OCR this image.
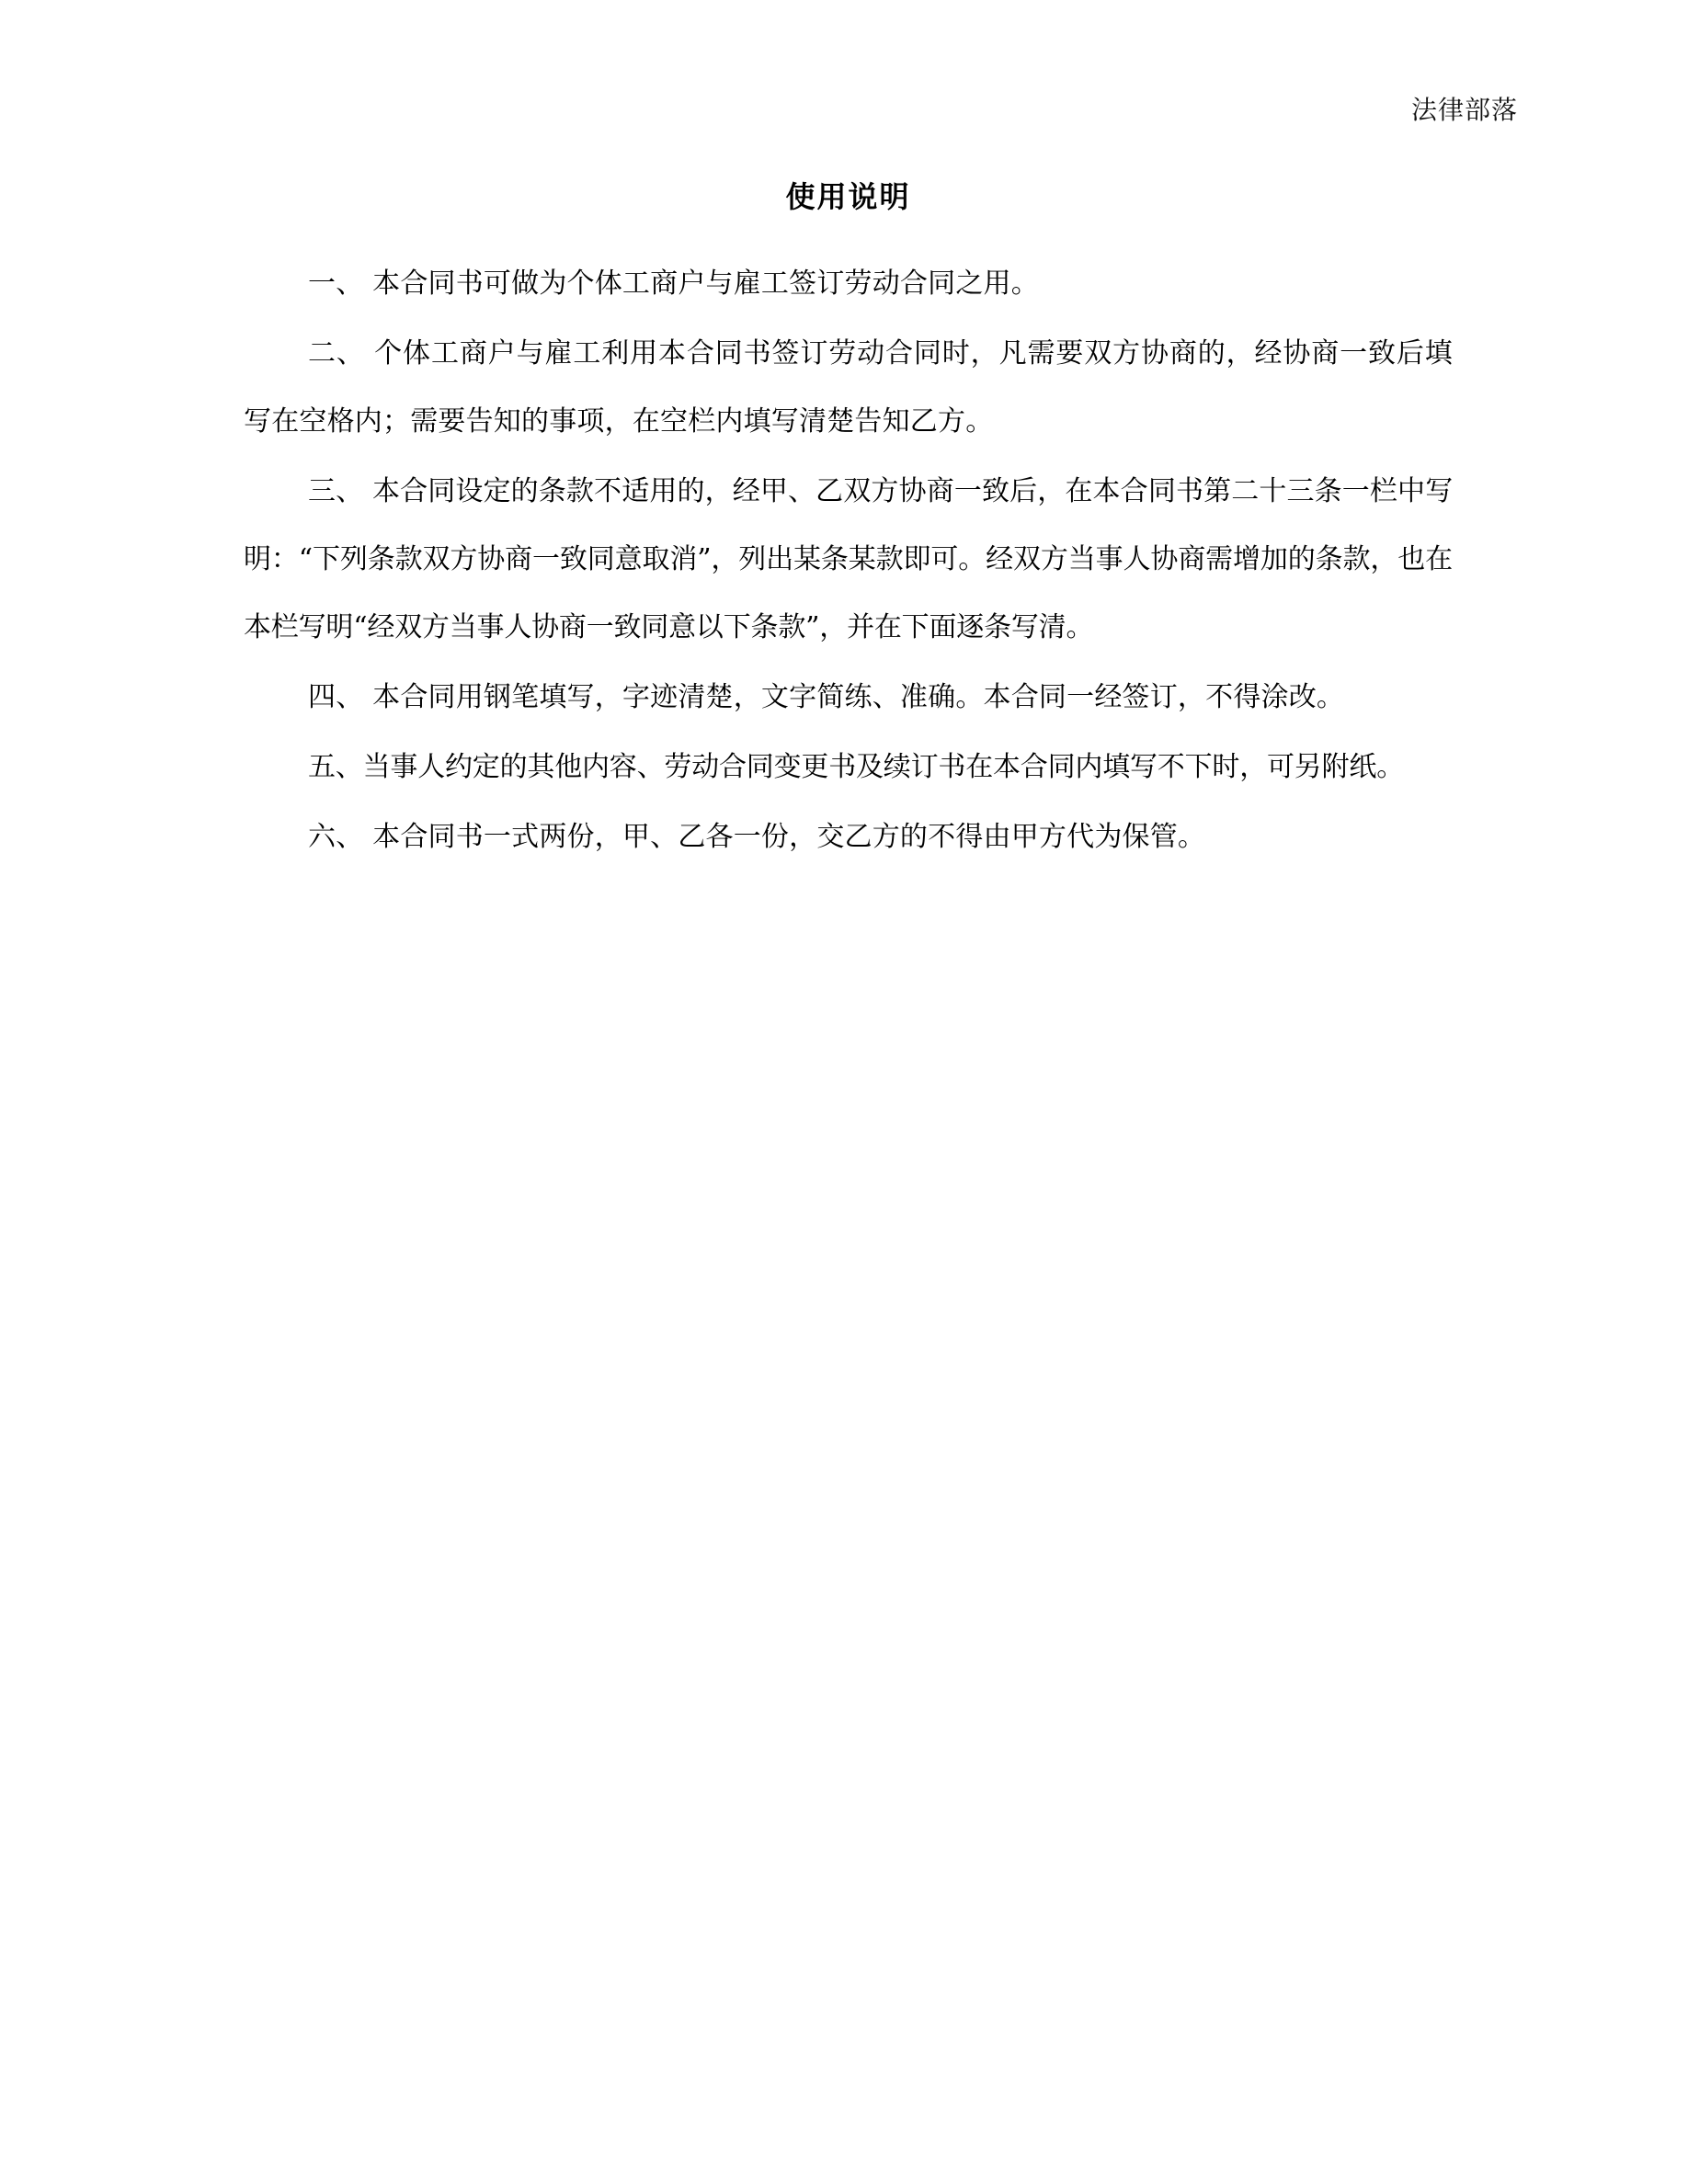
法律部落
使用说明

一、 本合同书可做为个体工商户与雇工签订劳动合同之用。

二、 个体工商户与雇工利用本合同书签订劳动合同时，凡需要双方协商的，经协商一致后填写在空格内；需要告知的事项，在空栏内填写清楚告知乙方。

三、 本合同设定的条款不适用的，经甲、乙双方协商一致后，在本合同书第二十三条一栏中写明：“下列条款双方协商一致同意取消”，列出某条某款即可。经双方当事人协商需增加的条款，也在本栏写明“经双方当事人协商一致同意以下条款”，并在下面逐条写清。

四、 本合同用钢笔填写，字迹清楚，文字简练、准确。本合同一经签订，不得涂改。

五、当事人约定的其他内容、劳动合同变更书及续订书在本合同内填写不下时，可另附纸。

六、 本合同书一式两份，甲、乙各一份，交乙方的不得由甲方代为保管。
